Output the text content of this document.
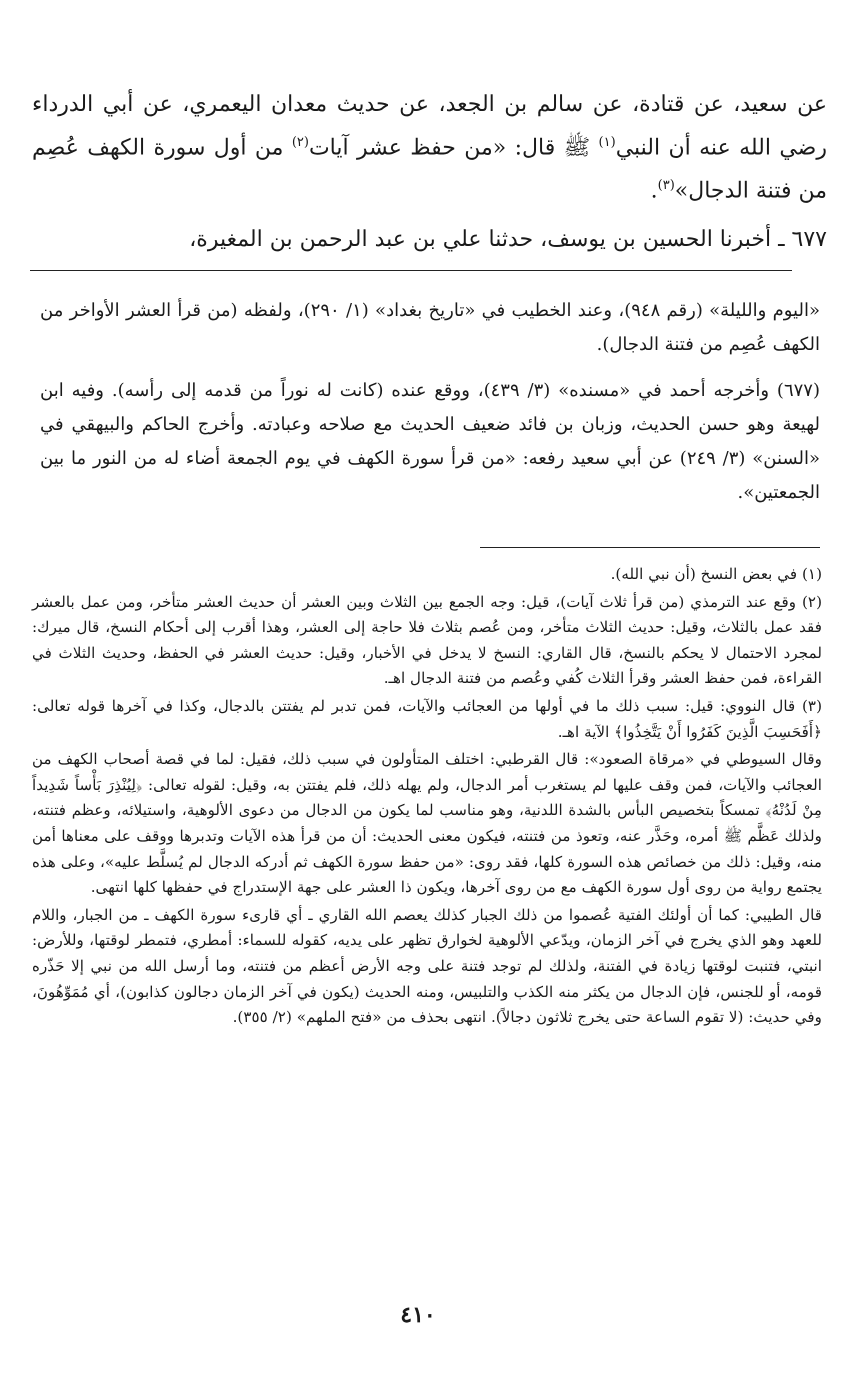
عن سعيد، عن قتادة، عن سالم بن الجعد، عن حديث معدان اليعمري، عن أبي الدرداء رضي الله عنه أن النبي$^{(١)}$ ﷺ قال: «من حفظ عشر آيات$^{(٢)}$ من أول سورة الكهف عُصِم من فتنة الدجال»$^{(٣)}$.

٦٧٧ ـ أخبرنا الحسين بن يوسف، حدثنا علي بن عبد الرحمن بن المغيرة،

«اليوم والليلة» (رقم ٩٤٨)، وعند الخطيب في «تاريخ بغداد» (١/ ٢٩٠)، ولفظه (من قرأ العشر الأواخر من الكهف عُصِم من فتنة الدجال).

(٦٧٧) وأخرجه أحمد في «مسنده» (٣/ ٤٣٩)، ووقع عنده (كانت له نوراً من قدمه إلى رأسه). وفيه ابن لهيعة وهو حسن الحديث، وزبان بن فائد ضعيف الحديث مع صلاحه وعبادته. وأخرج الحاكم والبيهقي في «السنن» (٣/ ٢٤٩) عن أبي سعيد رفعه: «من قرأ سورة الكهف في يوم الجمعة أضاء له من النور ما بين الجمعتين».

(١) في بعض النسخ (أن نبي الله).

(٢) وقع عند الترمذي (من قرأ ثلاث آيات)، قيل: وجه الجمع بين الثلاث وبين العشر أن حديث العشر متأخر، ومن عمل بالعشر فقد عمل بالثلاث، وقيل: حديث الثلاث متأخر، ومن عُصم بثلاث فلا حاجة إلى العشر، وهذا أقرب إلى أحكام النسخ، قال ميرك: لمجرد الاحتمال لا يحكم بالنسخ، قال القاري: النسخ لا يدخل في الأخبار، وقيل: حديث العشر في الحفظ، وحديث الثلاث في القراءة، فمن حفظ العشر وقرأ الثلاث كُفي وعُصم من فتنة الدجال اهـ.

(٣) قال النووي: قيل: سبب ذلك ما في أولها من العجائب والآيات، فمن تدبر لم يفتتن بالدجال، وكذا في آخرها قوله تعالى: ﴿أَفَحَسِبَ الَّذِينَ كَفَرُوا أَنْ يَتَّخِذُوا﴾ الآية اهـ.

وقال السيوطي في «مرقاة الصعود»: قال القرطبي: اختلف المتأولون في سبب ذلك، فقيل: لما في قصة أصحاب الكهف من العجائب والآيات، فمن وقف عليها لم يستغرب أمر الدجال، ولم يهله ذلك، فلم يفتتن به، وقيل: لقوله تعالى: ﴿لِيُنْذِرَ بَأْساً شَدِيداً مِنْ لَدُنْهُ﴾ تمسكاً بتخصيص البأس بالشدة اللدنية، وهو مناسب لما يكون من الدجال من دعوى الألوهية، واستيلائه، وعظم فتنته، ولذلك عَظَّم ﷺ أمره، وحَذَّر عنه، وتعوذ من فتنته، فيكون معنى الحديث: أن من قرأ هذه الآيات وتدبرها ووقف على معناها أمن منه، وقيل: ذلك من خصائص هذه السورة كلها، فقد روى: «من حفظ سورة الكهف ثم أدركه الدجال لم يُسلَّط عليه»، وعلى هذه يجتمع رواية من روى أول سورة الكهف مع من روى آخرها، ويكون ذا العشر على جهة الإستدراج في حفظها كلها انتهى.

قال الطيبي: كما أن أولئك الفتية عُصموا من ذلك الجبار كذلك يعصم الله القاري ـ أي قارىء سورة الكهف ـ من الجبار، واللام للعهد وهو الذي يخرج في آخر الزمان، ويدّعي الألوهية لخوارق تظهر على يديه، كقوله للسماء: أمطري، فتمطر لوقتها، وللأرض: انبتي، فتنبت لوقتها زيادة في الفتنة، ولذلك لم توجد فتنة على وجه الأرض أعظم من فتنته، وما أرسل الله من نبي إلا حَذّره قومه، أو للجنس، فإن الدجال من يكثر منه الكذب والتلبيس، ومنه الحديث (يكون في آخر الزمان دجالون كذابون)، أي مُمَوِّهُونَ، وفي حديث: (لا تقوم الساعة حتى يخرج ثلاثون دجالاً). انتهى بحذف من «فتح الملهم» (٢/ ٣٥٥).

٤١٠
